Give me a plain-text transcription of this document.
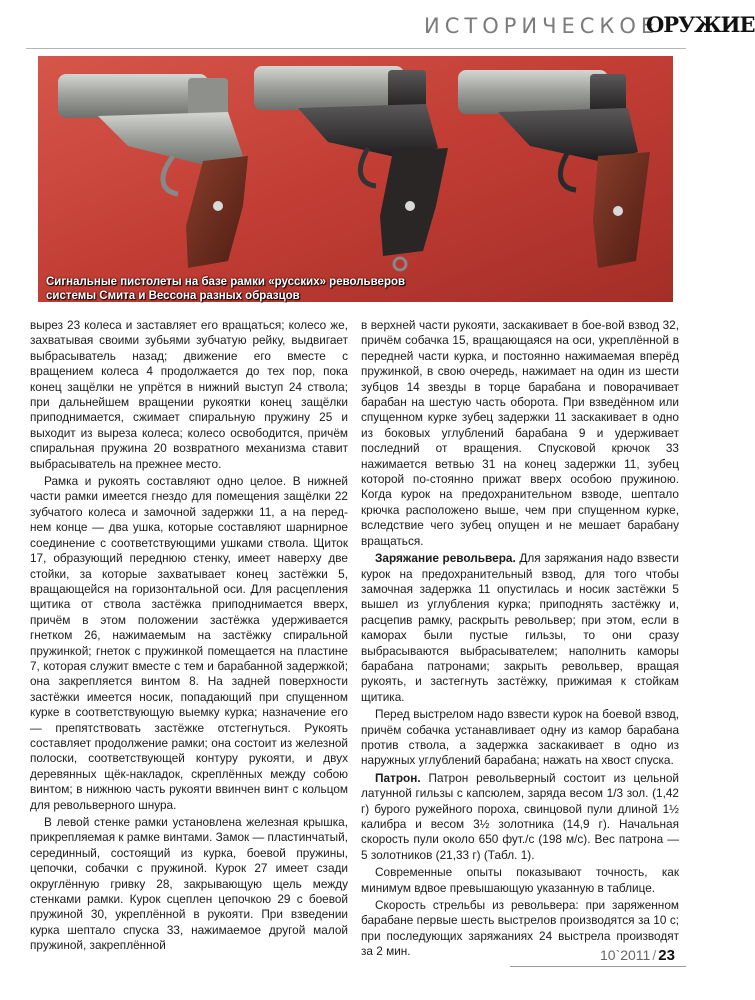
ИСТОРИЧЕСКОЕ
ОРУЖИЕ
Сигнальные пистолеты на базе рамки «русских» револьверов
системы Смита и Вессона разных образцов

вырез 23 колеса и заставляет его вращаться; колесо же, захватывая своими зубьями зубчатую рейку, выдвигает выбрасыватель назад; движение его вместе с вращением колеса 4 продолжается до тех пор, пока конец защёлки не упрётся в нижний выступ 24 ствола; при дальнейшем вращении рукоятки конец защёлки приподнимается, сжимает спиральную пружину 25 и выходит из выреза колеса; колесо освободится, причём спиральная пружина 20 возвратного механизма ставит выбрасыватель на прежнее место.

Рамка и рукоять составляют одно целое. В нижней части рамки имеется гнездо для помещения защёлки 22 зубчатого колеса и замочной задержки 11, а на перед-нем конце — два ушка, которые составляют шарнирное соединение с соответствующими ушками ствола. Щиток 17, образующий переднюю стенку, имеет наверху две стойки, за которые захватывает конец застёжки 5, вращающейся на горизонтальной оси. Для расцепления щитика от ствола застёжка приподнимается вверх, причём в этом положении застёжка удерживается гнетком 26, нажимаемым на застёжку спиральной пружинкой; гнеток с пружинкой помещается на пластине 7, которая служит вместе с тем и барабанной задержкой; она закрепляется винтом 8. На задней поверхности застёжки имеется носик, попадающий при спущенном курке в соответствующую выемку курка; назначение его — препятствовать застёжке отстегнуться. Рукоять составляет продолжение рамки; она состоит из железной полоски, соответствующей контуру рукояти, и двух деревянных щёк-накладок, скреплённых между собою винтом; в нижнюю часть рукояти ввинчен винт с кольцом для револьверного шнура.

В левой стенке рамки установлена железная крышка, прикрепляемая к рамке винтами. Замок — пластинчатый, серединный, состоящий из курка, боевой пружины, цепочки, собачки с пружиной. Курок 27 имеет сзади округлённую гривку 28, закрывающую щель между стенками рамки. Курок сцеплен цепочкою 29 с боевой пружиной 30, укреплённой в рукояти. При взведении курка шептало спуска 33, нажимаемое другой малой пружиной, закреплённой

в верхней части рукояти, заскакивает в бое-вой взвод 32, причём собачка 15, вращающаяся на оси, укреплённой в передней части курка, и постоянно нажимаемая вперёд пружинкой, в свою очередь, нажимает на один из шести зубцов 14 звезды в торце барабана и поворачивает барабан на шестую часть оборота. При взведённом или спущенном курке зубец задержки 11 заскакивает в одно из боковых углублений барабана 9 и удерживает последний от вращения. Спусковой крючок 33 нажимается ветвью 31 на конец задержки 11, зубец которой по-стоянно прижат вверх особою пружиною. Когда курок на предохранительном взводе, шептало крючка расположено выше, чем при спущенном курке, вследствие чего зубец опущен и не мешает барабану вращаться.

Заряжание револьвера. Для заряжания надо взвести курок на предохранительный взвод, для того чтобы замочная задержка 11 опустилась и носик застёжки 5 вышел из углубления курка; приподнять застёжку и, расцепив рамку, раскрыть револьвер; при этом, если в каморах были пустые гильзы, то они сразу выбрасываются выбрасывателем; наполнить каморы барабана патронами; закрыть револьвер, вращая рукоять, и застегнуть застёжку, прижимая к стойкам щитика.

Перед выстрелом надо взвести курок на боевой взвод, причём собачка устанавливает одну из камор барабана против ствола, а задержка заскакивает в одно из наружных углублений барабана; нажать на хвост спуска.

Патрон. Патрон револьверный состоит из цельной латунной гильзы с капсюлем, заряда весом 1/3 зол. (1,42 г) бурого ружейного пороха, свинцовой пули длиной 1½ калибра и весом 3½ золотника (14,9 г). Начальная скорость пули около 650 фут./с (198 м/с). Вес патрона — 5 золотников (21,33 г) (Табл. 1).

Современные опыты показывают точность, как минимум вдвое превышающую указанную в таблице.

Скорость стрельбы из револьвера: при заряженном барабане первые шесть выстрелов производятся за 10 с; при последующих заряжаниях 24 выстрела производят за 2 мин.	10`2011 / 23
